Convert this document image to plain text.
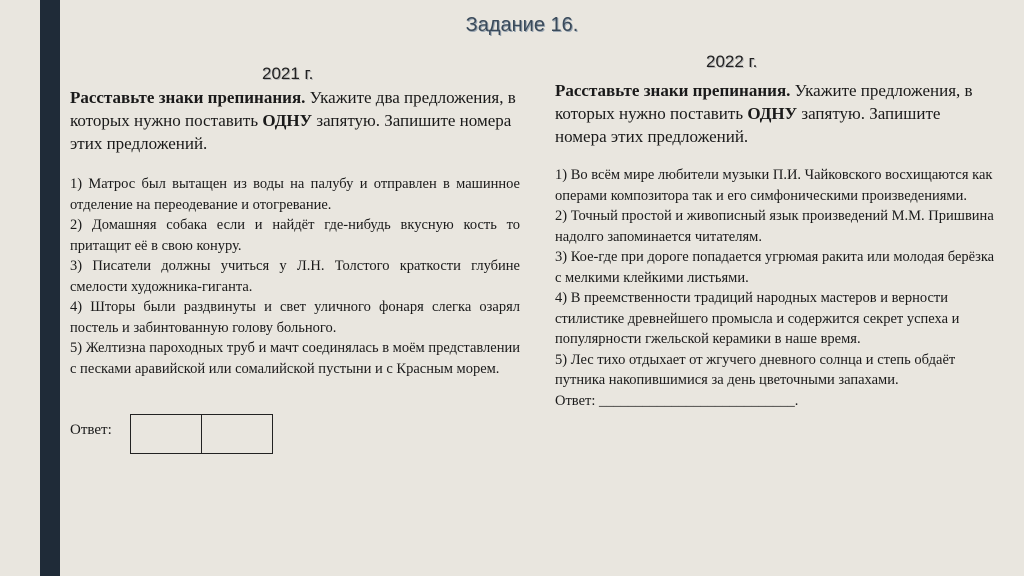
Задание 16.
2021 г.
2022 г.
Расставьте знаки препинания. Укажите два предложения, в которых нужно поставить ОДНУ запятую. Запишите номера этих предложений.

1) Матрос был вытащен из воды на палубу и отправлен в машинное отделение на переодевание и отогревание.

2) Домашняя собака если и найдёт где-нибудь вкусную кость то притащит её в свою конуру.

3) Писатели должны учиться у Л.Н. Толстого краткости глубине смелости художника-гиганта.

4) Шторы были раздвинуты и свет уличного фонаря слегка озарял постель и забинтованную голову больного.

5) Желтизна пароходных труб и мачт соединялась в моём представлении с песками аравийской или сомалийской пустыни и с Красным морем.

Ответ:
Расставьте знаки препинания. Укажите предложения, в которых нужно поставить ОДНУ запятую. Запишите номера этих предложений.

1) Во всём мире любители музыки П.И. Чайковского восхищаются как операми композитора так и его симфоническими произведениями.

2) Точный простой и живописный язык произведений М.М. Пришвина надолго запоминается читателям.

3) Кое-где при дороге попадается угрюмая ракита или молодая берёзка с мелкими клейкими листьями.

4) В преемственности традиций народных мастеров и верности стилистике древнейшего промысла и содержится секрет успеха и популярности гжельской керамики в наше время.

5) Лес тихо отдыхает от жгучего дневного солнца и степь обдаёт путника накопившимися за день цветочными запахами.

Ответ: ___________________________.
